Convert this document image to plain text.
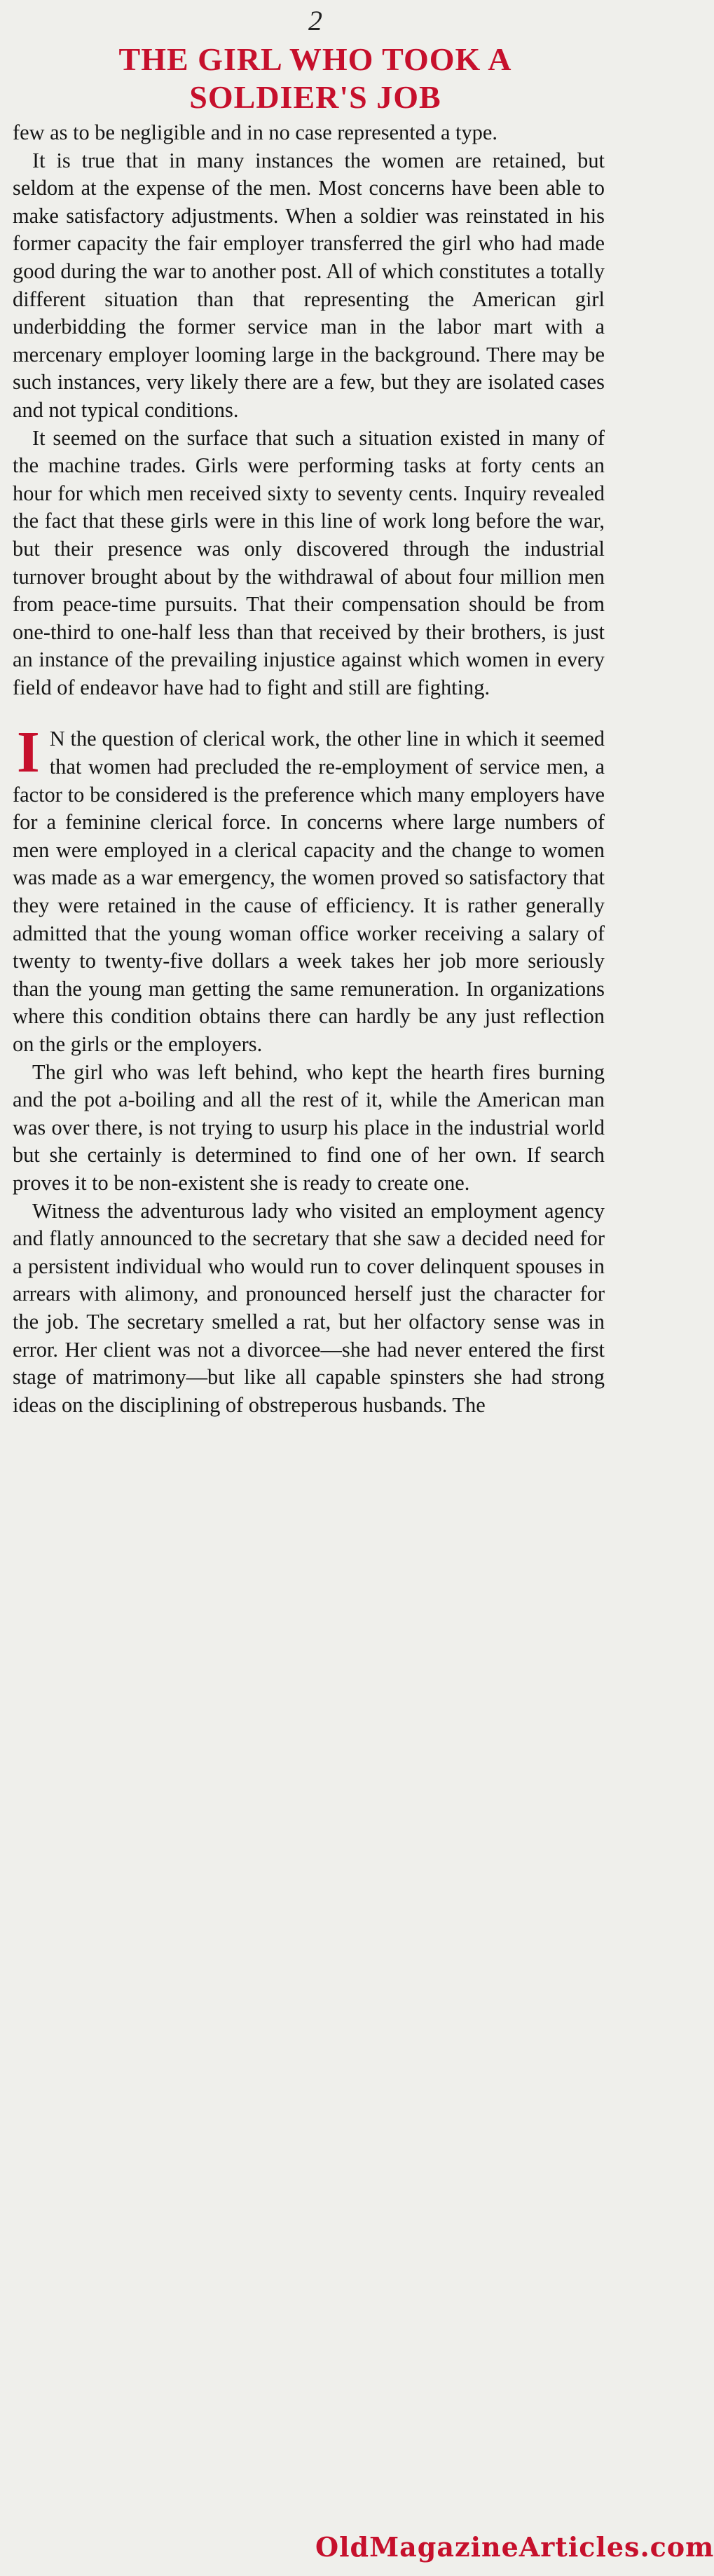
2
THE GIRL WHO TOOK A
SOLDIER'S JOB

few as to be negligible and in no case represented a type.

It is true that in many instances the women are retained, but seldom at the expense of the men. Most concerns have been able to make satisfactory adjustments. When a soldier was reinstated in his former capacity the fair employer transferred the girl who had made good during the war to another post. All of which constitutes a totally different situation than that representing the American girl underbidding the former service man in the labor mart with a mercenary employer looming large in the background. There may be such instances, very likely there are a few, but they are isolated cases and not typical conditions.

It seemed on the surface that such a situation existed in many of the machine trades. Girls were performing tasks at forty cents an hour for which men received sixty to seventy cents. Inquiry revealed the fact that these girls were in this line of work long before the war, but their presence was only discovered through the industrial turnover brought about by the withdrawal of about four million men from peace-time pursuits. That their compensation should be from one-third to one-half less than that received by their brothers, is just an instance of the prevailing injustice against which women in every field of endeavor have had to fight and still are fighting.

I N the question of clerical work, the other line in which it seemed that women had precluded the re-employment of service men, a factor to be considered is the preference which many employers have for a feminine clerical force. In concerns where large numbers of men were employed in a clerical capacity and the change to women was made as a war emergency, the women proved so satisfactory that they were retained in the cause of efficiency. It is rather generally admitted that the young woman office worker receiving a salary of twenty to twenty-five dollars a week takes her job more seriously than the young man getting the same remuneration. In organizations where this condition obtains there can hardly be any just reflection on the girls or the employers.

The girl who was left behind, who kept the hearth fires burning and the pot a-boiling and all the rest of it, while the American man was over there, is not trying to usurp his place in the industrial world but she certainly is determined to find one of her own. If search proves it to be non-existent she is ready to create one.

Witness the adventurous lady who visited an employment agency and flatly announced to the secretary that she saw a decided need for a persistent individual who would run to cover delinquent spouses in arrears with alimony, and pronounced herself just the character for the job. The secretary smelled a rat, but her olfactory sense was in error. Her client was not a divorcee—she had never entered the first stage of matrimony—but like all capable spinsters she had strong ideas on the disciplining of obstreperous husbands. The

OldMagazineArticles.com
